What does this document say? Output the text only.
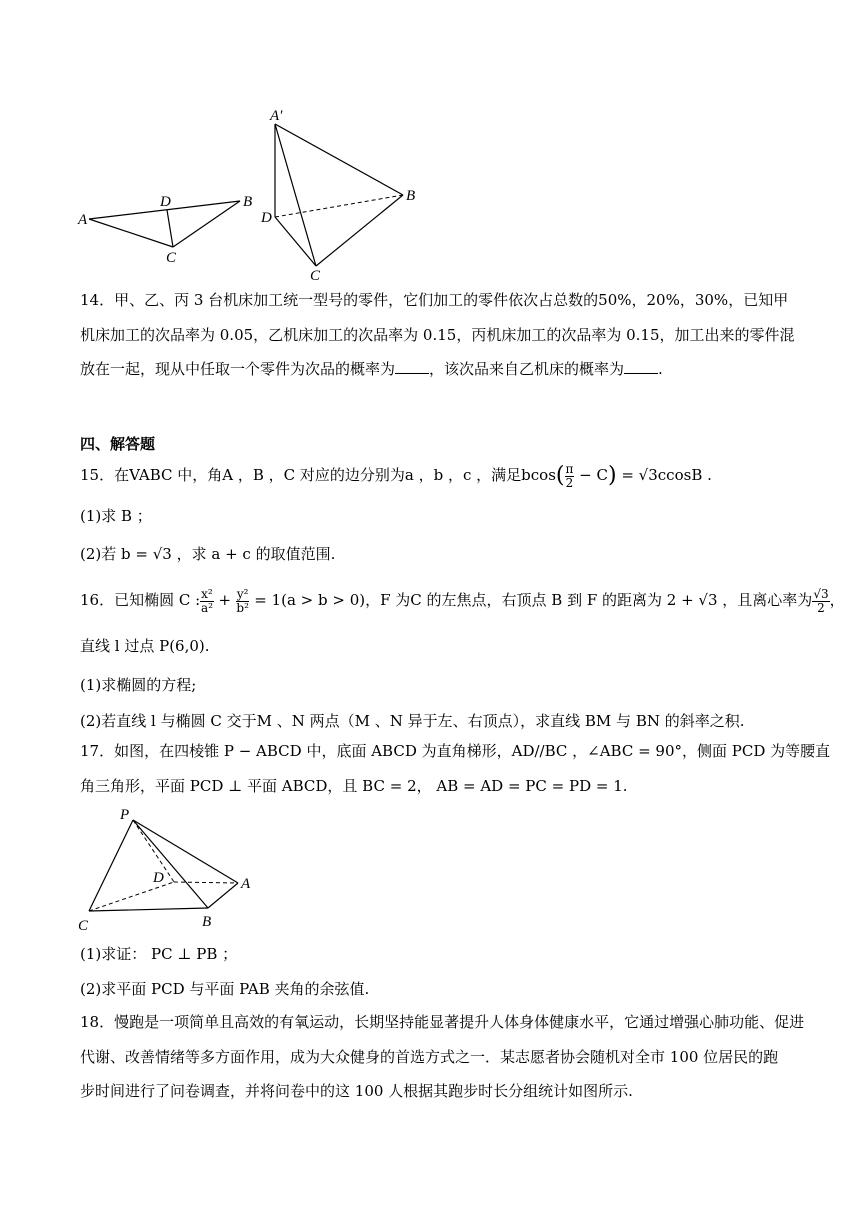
A
D	B
C
A′
D
B
C
14．甲、乙、丙 3 台机床加工统一型号的零件，它们加工的零件依次占总数的50%，20%，30%，已知甲
机床加工的次品率为 0.05，乙机床加工的次品率为 0.15，丙机床加工的次品率为 0.15，加工出来的零件混
放在一起，现从中任取一个零件为次品的概率为 ，该次品来自乙机床的概率为 .
四、解答题
15．在VABC 中，角A ，B ，C 对应的边分别为a ，b ，c ，满足$bcos( \frac{\pi}{2} - C) = √3ccosB$ .
(1)求 B ；
(2)若 b = √3 ，求 a + c 的取值范围.
16．已知椭圆 C : $\frac{\text{x²}}{\text{a²}} + \frac{\text{y²}}{\text{b²}} = 1(a > b > 0)$，F 为C 的左焦点，右顶点 B 到 F 的距离为 2 + √3 ，且离心率为 $\frac{√3}{2}$ ，
直线 l 过点 P(6,0).
(1)求椭圆的方程;
(2)若直线 l 与椭圆 C 交于M 、N 两点（M 、N 异于左、右顶点），求直线 BM 与 BN 的斜率之积.
17．如图，在四棱锥 P − ABCD 中，底面 ABCD 为直角梯形，AD//BC ，∠ABC = 90°，侧面 PCD 为等腰直
角三角形，平面 PCD ⊥ 平面 ABCD，且 BC = 2， AB = AD = PC = PD = 1.
P
D	A
C	B
(1)求证： PC ⊥ PB ；
(2)求平面 PCD 与平面 PAB 夹角的余弦值.
18．慢跑是一项简单且高效的有氧运动，长期坚持能显著提升人体身体健康水平，它通过增强心肺功能、促进
代谢、改善情绪等多方面作用，成为大众健身的首选方式之一．某志愿者协会随机对全市 100 位居民的跑
步时间进行了问卷调查，并将问卷中的这 100 人根据其跑步时长分组统计如图所示.
